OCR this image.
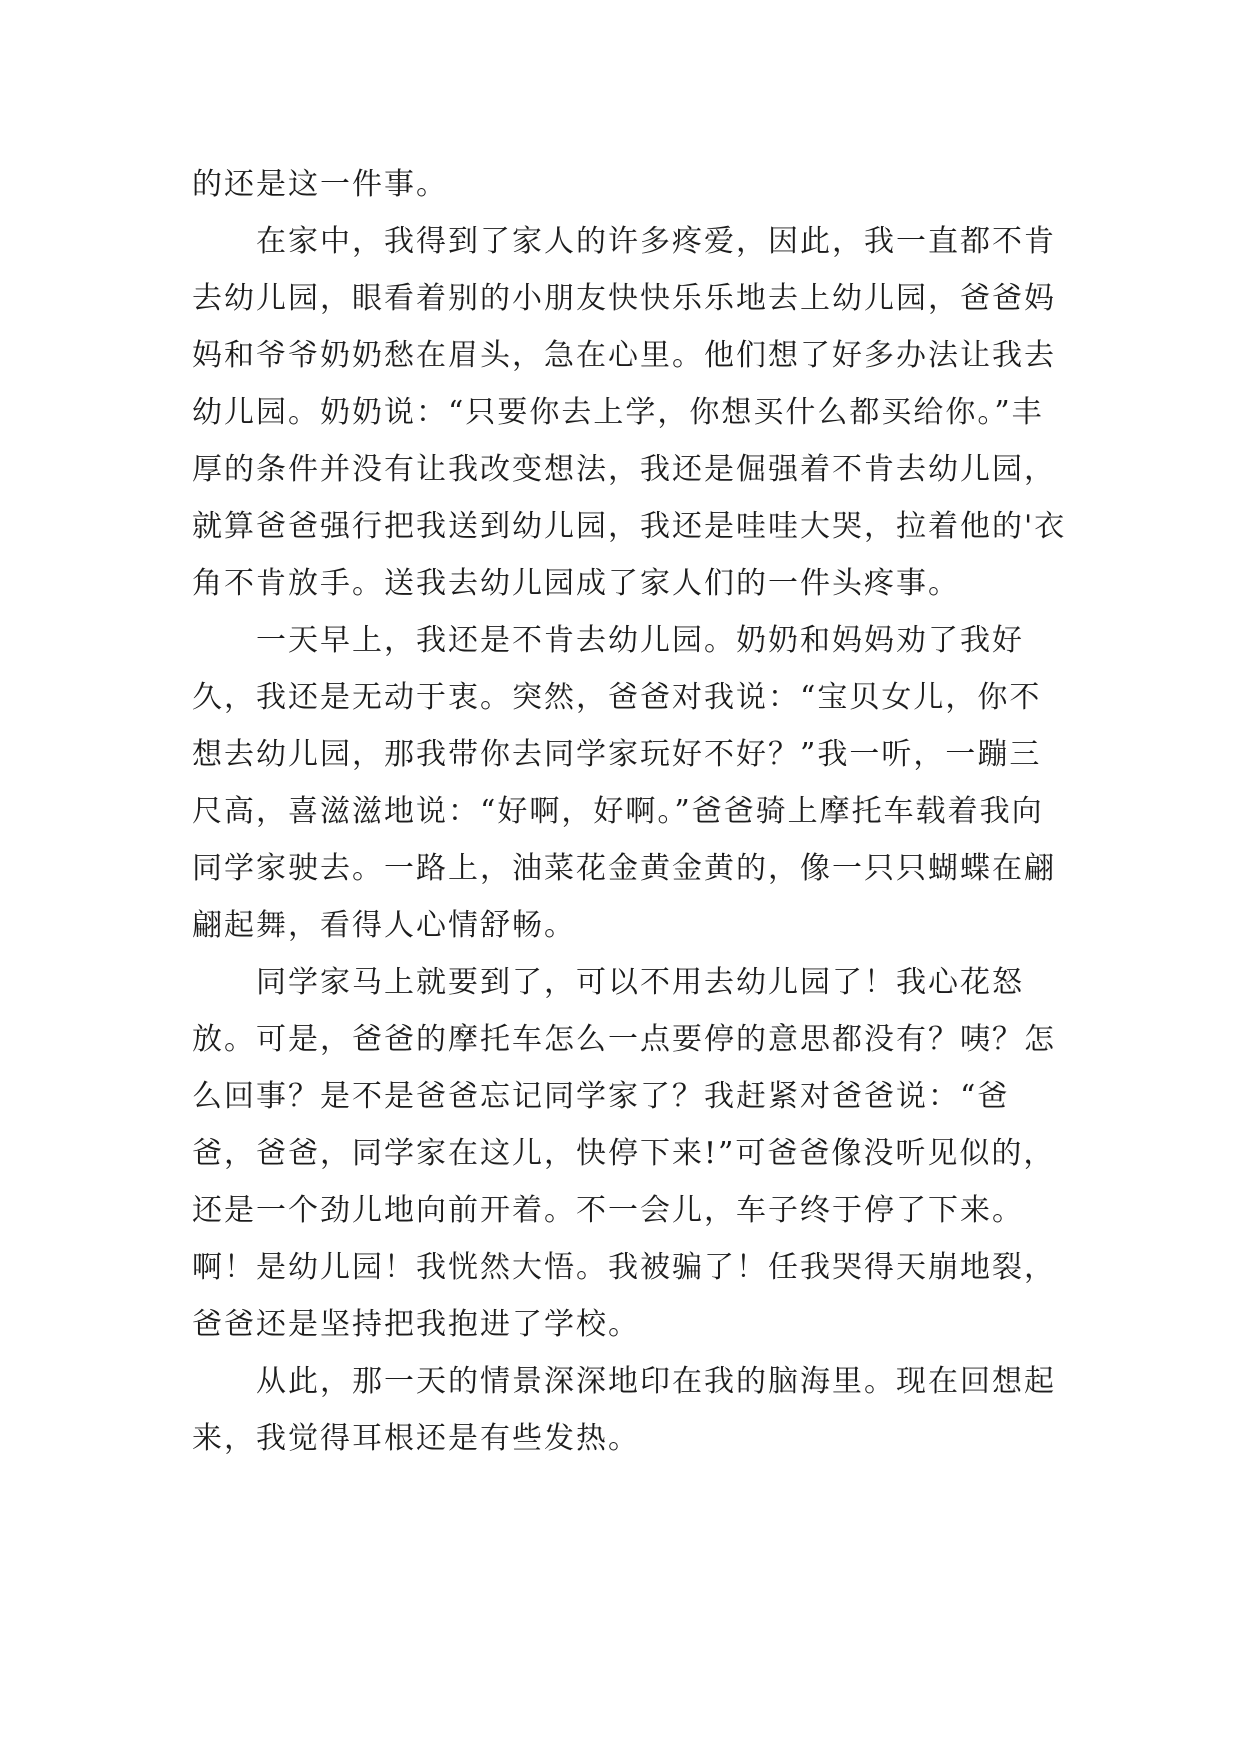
的还是这一件事。

在家中，我得到了家人的许多疼爱，因此，我一直都不肯去幼儿园，眼看着别的小朋友快快乐乐地去上幼儿园，爸爸妈妈和爷爷奶奶愁在眉头，急在心里。他们想了好多办法让我去幼儿园。奶奶说：“只要你去上学，你想买什么都买给你。”丰厚的条件并没有让我改变想法，我还是倔强着不肯去幼儿园，就算爸爸强行把我送到幼儿园，我还是哇哇大哭，拉着他的'衣角不肯放手。送我去幼儿园成了家人们的一件头疼事。

一天早上，我还是不肯去幼儿园。奶奶和妈妈劝了我好久，我还是无动于衷。突然，爸爸对我说：“宝贝女儿，你不想去幼儿园，那我带你去同学家玩好不好？”我一听，一蹦三尺高，喜滋滋地说：“好啊，好啊。”爸爸骑上摩托车载着我向同学家驶去。一路上，油菜花金黄金黄的，像一只只蝴蝶在翩翩起舞，看得人心情舒畅。

同学家马上就要到了，可以不用去幼儿园了！我心花怒放。可是，爸爸的摩托车怎么一点要停的意思都没有？咦？怎么回事？是不是爸爸忘记同学家了？我赶紧对爸爸说：“爸爸，爸爸，同学家在这儿，快停下来!”可爸爸像没听见似的，还是一个劲儿地向前开着。不一会儿，车子终于停了下来。啊！是幼儿园！我恍然大悟。我被骗了！任我哭得天崩地裂，爸爸还是坚持把我抱进了学校。

从此，那一天的情景深深地印在我的脑海里。现在回想起来，我觉得耳根还是有些发热。
